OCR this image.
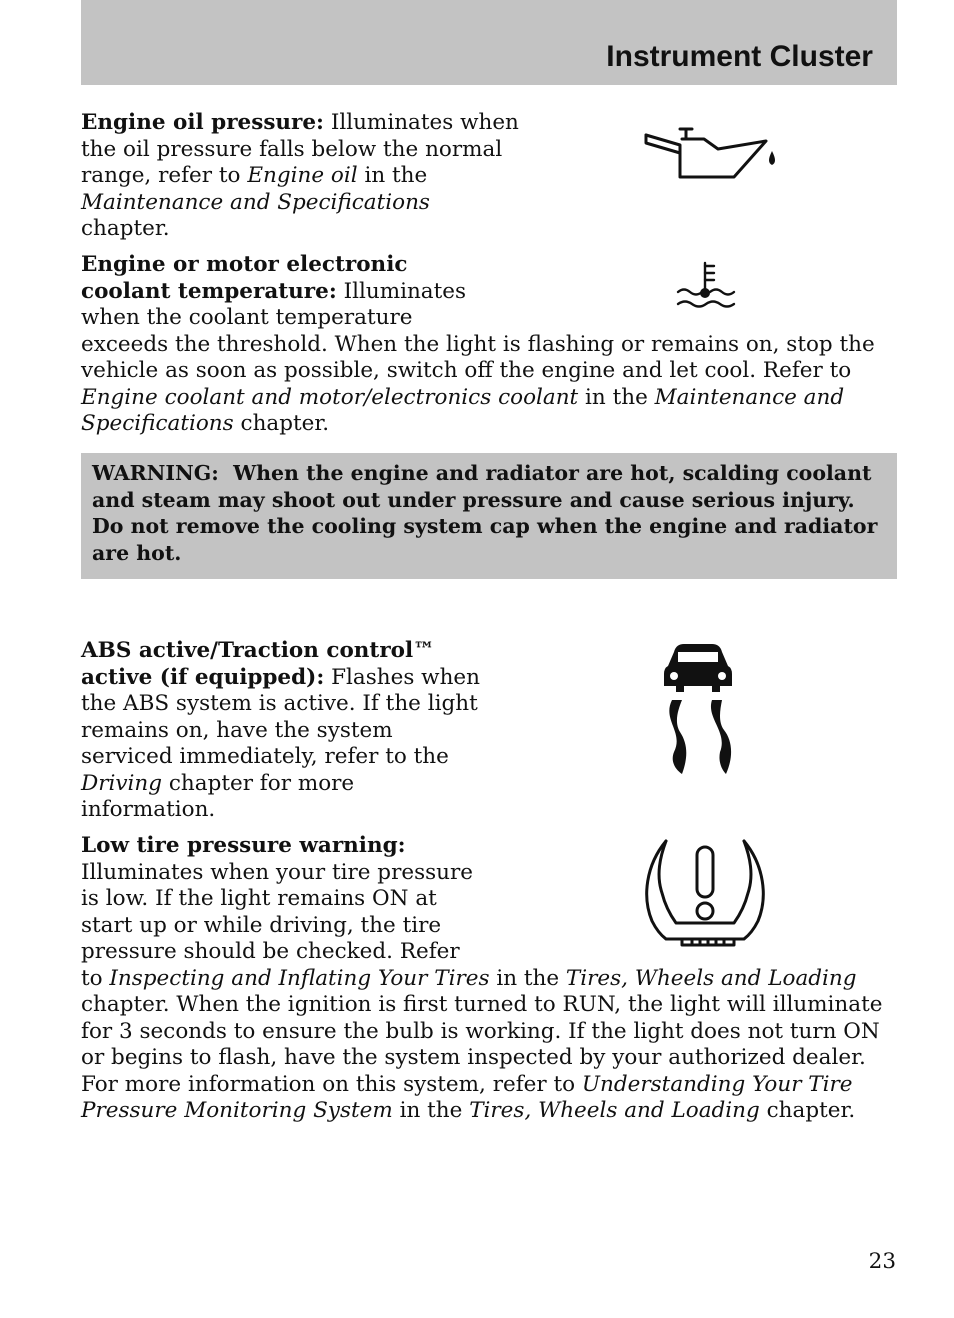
Instrument Cluster

Engine oil pressure: Illuminates when the oil pressure falls below the normal range, refer to Engine oil in the Maintenance and Specifications chapter.

Engine or motor electronic coolant temperature: Illuminates when the coolant temperature exceeds the threshold. When the light is flashing or remains on, stop the vehicle as soon as possible, switch off the engine and let cool. Refer to Engine coolant and motor/electronics coolant in the Maintenance and Specifications chapter.

WARNING:  When the engine and radiator are hot, scalding coolant and steam may shoot out under pressure and cause serious injury. Do not remove the cooling system cap when the engine and radiator are hot.

ABS active/Traction control™ active (if equipped): Flashes when the ABS system is active. If the light remains on, have the system serviced immediately, refer to the Driving chapter for more information.

Low tire pressure warning: Illuminates when your tire pressure is low. If the light remains ON at start up or while driving, the tire pressure should be checked. Refer to Inspecting and Inflating Your Tires in the Tires, Wheels and Loading chapter. When the ignition is first turned to RUN, the light will illuminate for 3 seconds to ensure the bulb is working. If the light does not turn ON or begins to flash, have the system inspected by your authorized dealer. For more information on this system, refer to Understanding Your Tire Pressure Monitoring System in the Tires, Wheels and Loading chapter.

23
